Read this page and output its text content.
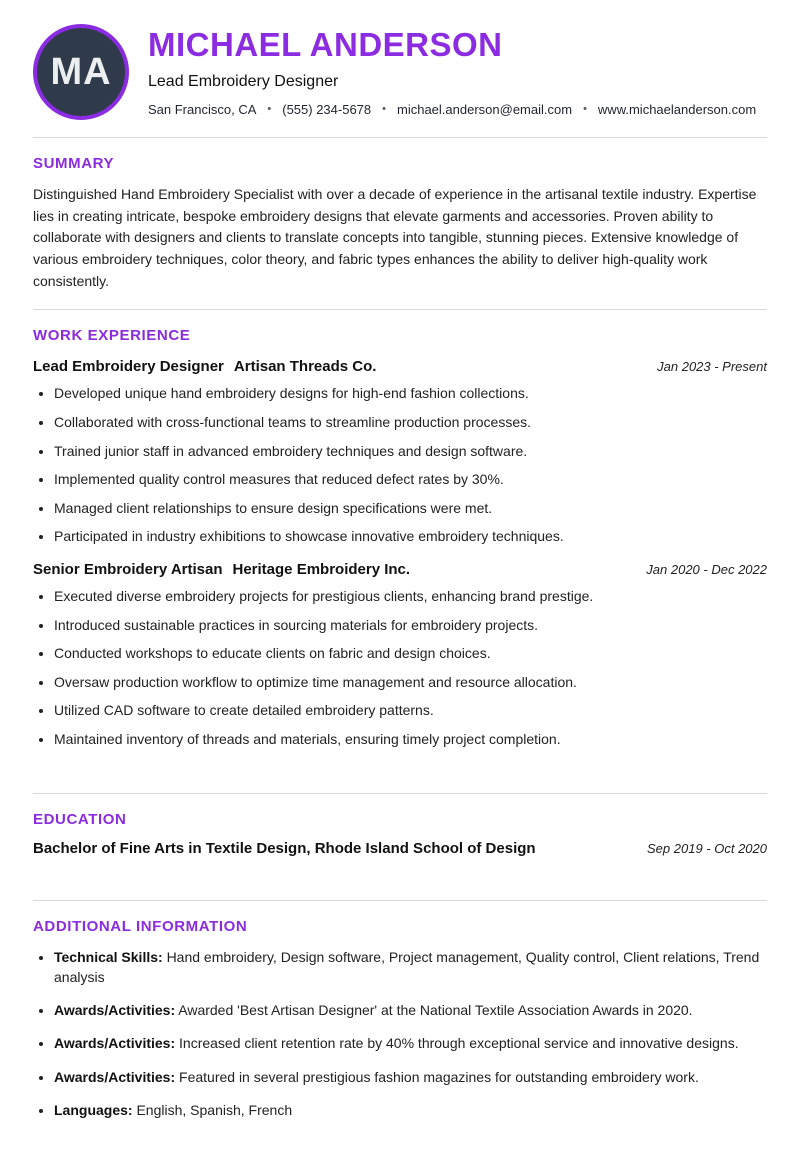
MA
MICHAEL ANDERSON
Lead Embroidery Designer
San Francisco, CA • (555) 234-5678 • michael.anderson@email.com • www.michaelanderson.com
SUMMARY

Distinguished Hand Embroidery Specialist with over a decade of experience in the artisanal textile industry. Expertise lies in creating intricate, bespoke embroidery designs that elevate garments and accessories. Proven ability to collaborate with designers and clients to translate concepts into tangible, stunning pieces. Extensive knowledge of various embroidery techniques, color theory, and fabric types enhances the ability to deliver high-quality work consistently.

WORK EXPERIENCE
Lead Embroidery Designer Artisan Threads Co.	Jan 2023 - Present
• Developed unique hand embroidery designs for high-end fashion collections.
• Collaborated with cross-functional teams to streamline production processes.
• Trained junior staff in advanced embroidery techniques and design software.
• Implemented quality control measures that reduced defect rates by 30%.
• Managed client relationships to ensure design specifications were met.
• Participated in industry exhibitions to showcase innovative embroidery techniques.
Senior Embroidery Artisan Heritage Embroidery Inc.	Jan 2020 - Dec 2022
• Executed diverse embroidery projects for prestigious clients, enhancing brand prestige.
• Introduced sustainable practices in sourcing materials for embroidery projects.
• Conducted workshops to educate clients on fabric and design choices.
• Oversaw production workflow to optimize time management and resource allocation.
• Utilized CAD software to create detailed embroidery patterns.
• Maintained inventory of threads and materials, ensuring timely project completion.
EDUCATION
Bachelor of Fine Arts in Textile Design, Rhode Island School of Design	Sep 2019 - Oct 2020
ADDITIONAL INFORMATION
• Technical Skills: Hand embroidery, Design software, Project management, Quality control, Client relations, Trend analysis
• Awards/Activities: Awarded 'Best Artisan Designer' at the National Textile Association Awards in 2020.
• Awards/Activities: Increased client retention rate by 40% through exceptional service and innovative designs.
• Awards/Activities: Featured in several prestigious fashion magazines for outstanding embroidery work.
• Languages: English, Spanish, French
